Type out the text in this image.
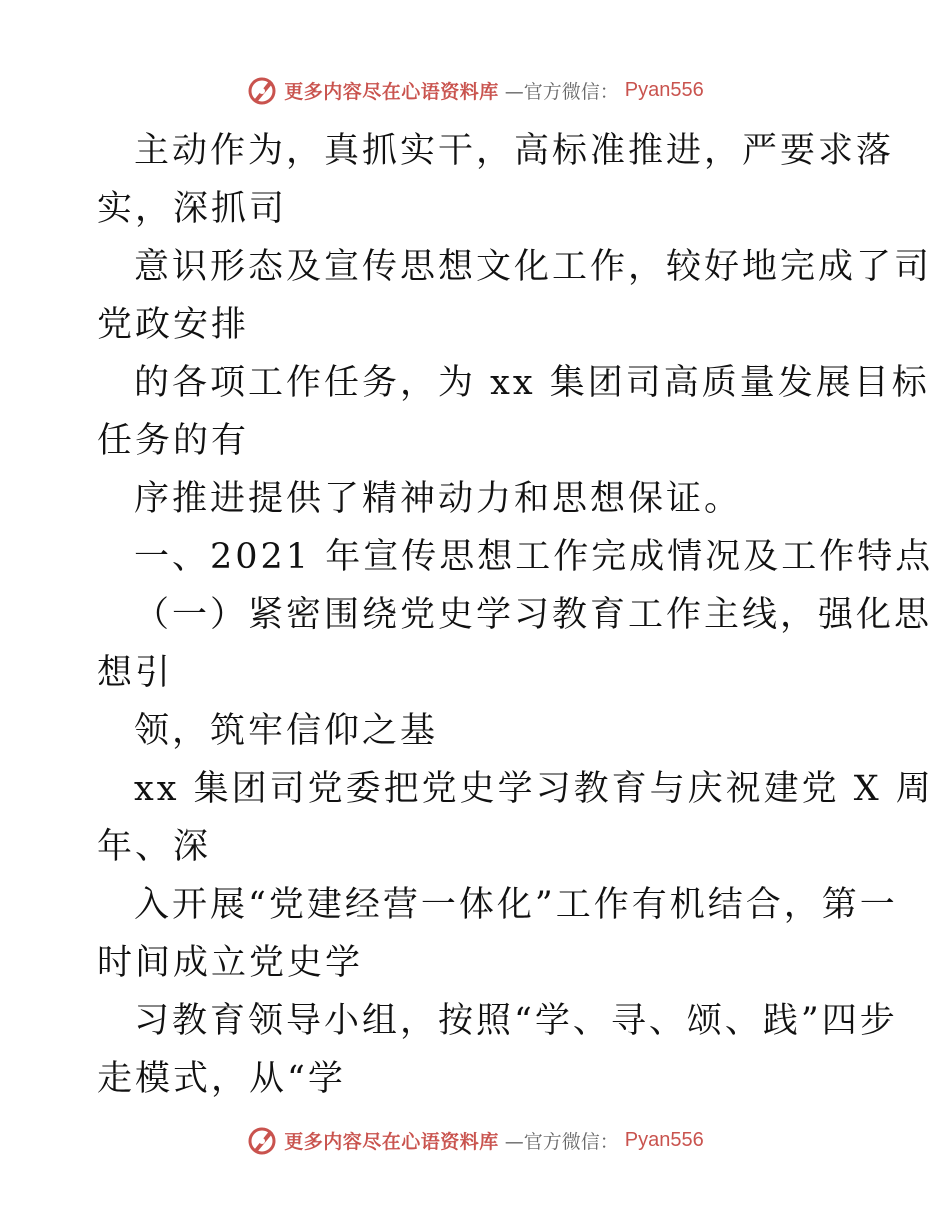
更多内容尽在心语资料库 —官方微信： Pyan556
主动作为，真抓实干，高标准推进，严要求落
实，深抓司
意识形态及宣传思想文化工作，较好地完成了司
党政安排
的各项工作任务，为 xx 集团司高质量发展目标
任务的有
序推进提供了精神动力和思想保证。
一、2021 年宣传思想工作完成情况及工作特点
（一）紧密围绕党史学习教育工作主线，强化思
想引
领，筑牢信仰之基
xx 集团司党委把党史学习教育与庆祝建党 X 周
年、深
入开展“党建经营一体化”工作有机结合，第一
时间成立党史学
习教育领导小组，按照“学、寻、颂、践”四步
走模式，从“学
更多内容尽在心语资料库 —官方微信： Pyan556
